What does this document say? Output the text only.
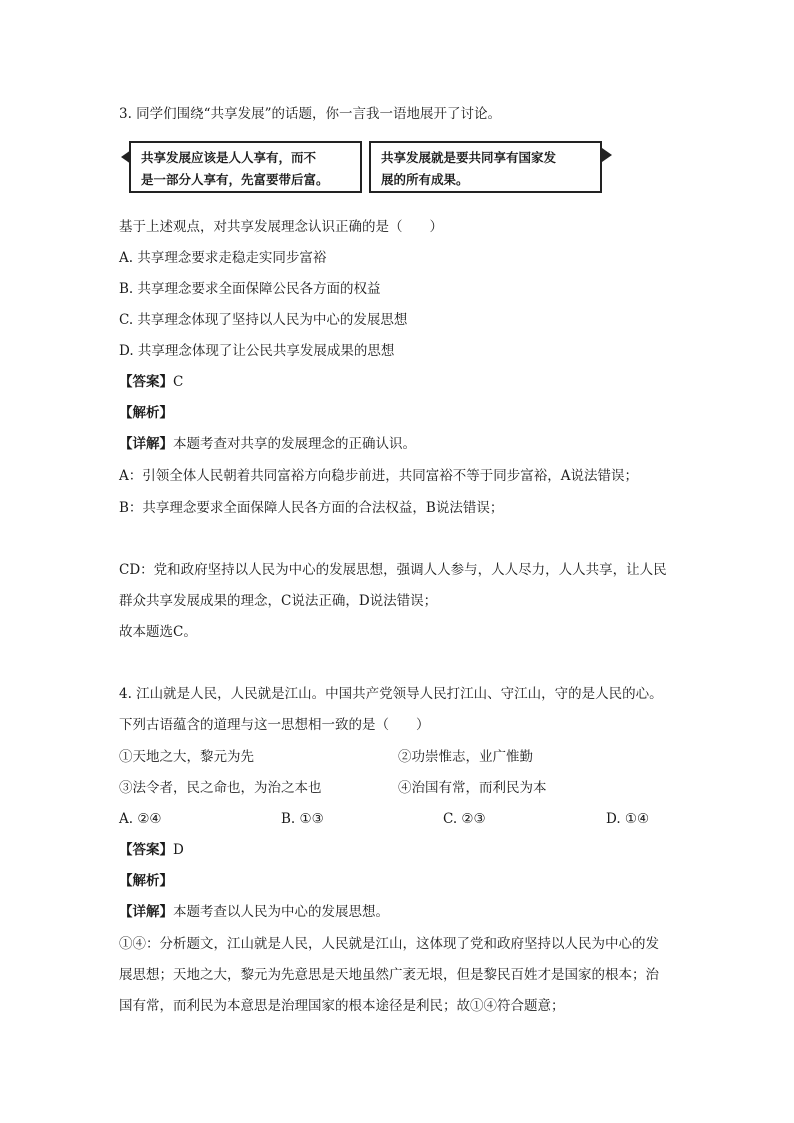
3. 同学们围绕“共享发展”的话题，你一言我一语地展开了讨论。
共享发展应该是人人享有，而不
是一部分人享有，先富要带后富。
共享发展就是要共同享有国家发
展的所有成果。
基于上述观点，对共享发展理念认识正确的是（　　）
A. 共享理念要求走稳走实同步富裕
B. 共享理念要求全面保障公民各方面的权益
C. 共享理念体现了坚持以人民为中心的发展思想
D. 共享理念体现了让公民共享发展成果的思想
【答案】C
【解析】
【详解】本题考查对共享的发展理念的正确认识。
A：引领全体人民朝着共同富裕方向稳步前进，共同富裕不等于同步富裕，A说法错误；
B：共享理念要求全面保障人民各方面的合法权益，B说法错误；
CD：党和政府坚持以人民为中心的发展思想，强调人人参与，人人尽力，人人共享，让人民
群众共享发展成果的理念，C说法正确，D说法错误；
故本题选C。
4. 江山就是人民，人民就是江山。中国共产党领导人民打江山、守江山，守的是人民的心。
下列古语蕴含的道理与这一思想相一致的是（　　）
①天地之大，黎元为先	②功崇惟志，业广惟勤
③法令者，民之命也，为治之本也	④治国有常，而利民为本
A. ②④	B. ①③	C. ②③	D. ①④
【答案】D
【解析】
【详解】本题考查以人民为中心的发展思想。
①④：分析题文，江山就是人民，人民就是江山，这体现了党和政府坚持以人民为中心的发
展思想；天地之大，黎元为先意思是天地虽然广袤无垠，但是黎民百姓才是国家的根本；治
国有常，而利民为本意思是治理国家的根本途径是利民；故①④符合题意；
